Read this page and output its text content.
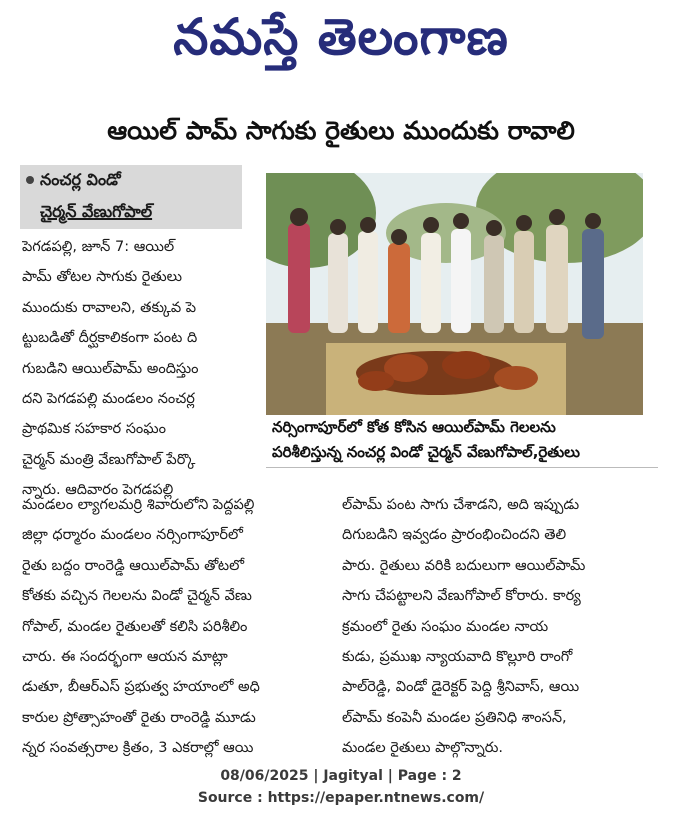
నమస్తే తెలంగాణ
ఆయిల్ పామ్ సాగుకు రైతులు ముందుకు రావాలి
నంచర్ల విండో
చైర్మన్ వేణుగోపాల్
నర్సింగాపూర్‌లో కోత కోసిన ఆయిల్‌పామ్ గెలలను
పరిశీలిస్తున్న నంచర్ల విండో చైర్మన్ వేణుగోపాల్,రైతులు
పెగడపల్లి, జూన్ 7: ఆయిల్
పామ్ తోటల సాగుకు రైతులు
ముందుకు రావాలని, తక్కువ పె
ట్టుబడితో దీర్ఘకాలికంగా పంట ది
గుబడిని ఆయిల్‌పామ్ అందిస్తుం
దని పెగడపల్లి మండలం నంచర్ల
ప్రాథమిక సహకార సంఘం
చైర్మన్ మంత్రి వేణుగోపాల్ పేర్కొ
న్నారు. ఆదివారం పెగడపల్లి
మండలం ల్యాగలమర్రి శివారులోని పెద్దపల్లి
జిల్లా ధర్మారం మండలం నర్సింగాపూర్‌లో
రైతు బద్దం రాంరెడ్డి ఆయిల్‌పామ్ తోటలో
కోతకు వచ్చిన గెలలను విండో చైర్మన్ వేణు
గోపాల్, మండల రైతులతో కలిసి పరిశీలిం
చారు. ఈ సందర్భంగా ఆయన మాట్లా
డుతూ, బీఆర్‌ఎస్ ప్రభుత్వ హయాంలో అధి
కారుల ప్రోత్సాహంతో రైతు రాంరెడ్డి మూడు
న్నర సంవత్సరాల క్రితం, 3 ఎకరాల్లో ఆయి
ల్‌పామ్ పంట సాగు చేశాడని, అది ఇప్పుడు
దిగుబడిని ఇవ్వడం ప్రారంభించిందని తెలి
పారు. రైతులు వరికి బదులుగా ఆయిల్‌పామ్
సాగు చేపట్టాలని వేణుగోపాల్ కోరారు. కార్య
క్రమంలో రైతు సంఘం మండల నాయ
కుడు, ప్రముఖ న్యాయవాది కొల్లూరి రాంగో
పాల్‌రెడ్డి, విండో డైరెక్టర్ పెద్ది శ్రీనివాస్, ఆయి
ల్‌పామ్ కంపెనీ మండల ప్రతినిధి శాంసన్,
మండల రైతులు పాల్గొన్నారు.
08/06/2025 | Jagityal | Page : 2
Source : https://epaper.ntnews.com/
